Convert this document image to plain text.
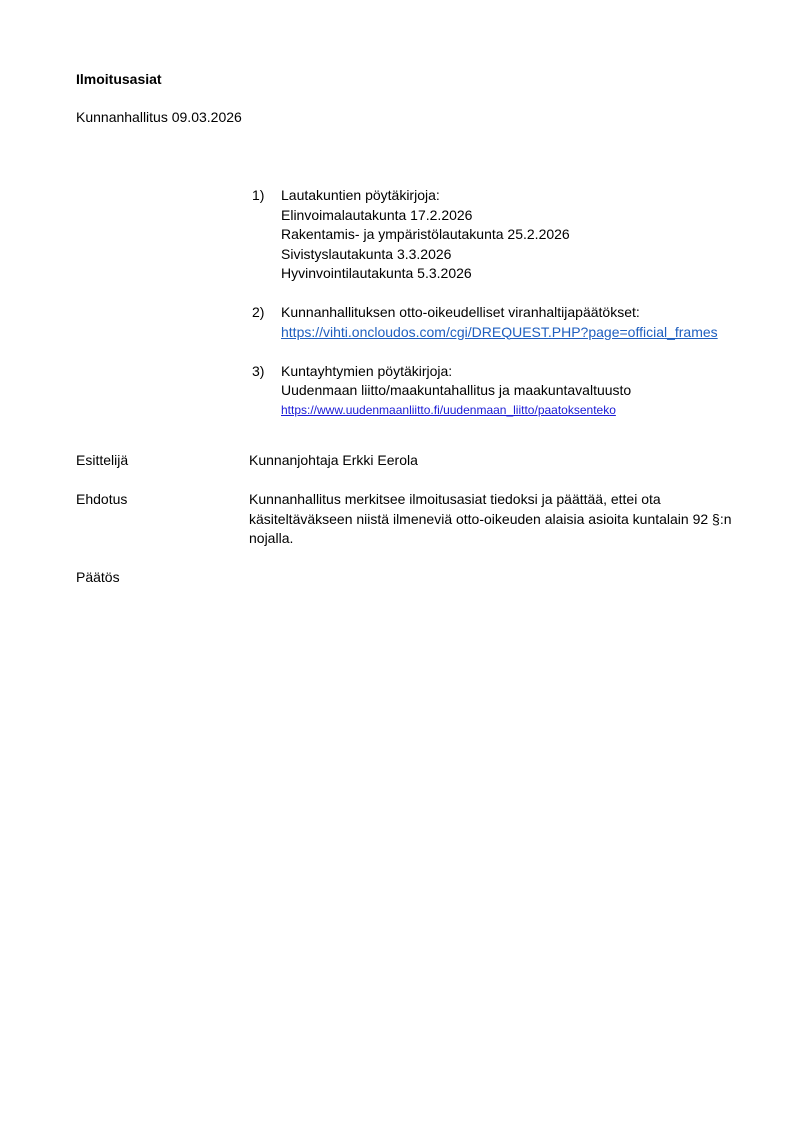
Ilmoitusasiat
Kunnanhallitus 09.03.2026
1)	Lautakuntien pöytäkirjoja:
Elinvoimalautakunta 17.2.2026
Rakentamis- ja ympäristölautakunta 25.2.2026
Sivistyslautakunta 3.3.2026
Hyvinvointilautakunta 5.3.2026
2)	Kunnanhallituksen otto-oikeudelliset viranhaltijapäätökset:
https://vihti.oncloudos.com/cgi/DREQUEST.PHP?page=official_frames
3)	Kuntayhtymien pöytäkirjoja:
Uudenmaan liitto/maakuntahallitus ja maakuntavaltuusto
https://www.uudenmaanliitto.fi/uudenmaan_liitto/paatoksenteko
Esittelijä	Kunnanjohtaja Erkki Eerola
Ehdotus	Kunnanhallitus merkitsee ilmoitusasiat tiedoksi ja päättää, ettei ota käsiteltäväkseen niistä ilmeneviä otto-oikeuden alaisia asioita kuntalain 92 §:n nojalla.
Päätös
